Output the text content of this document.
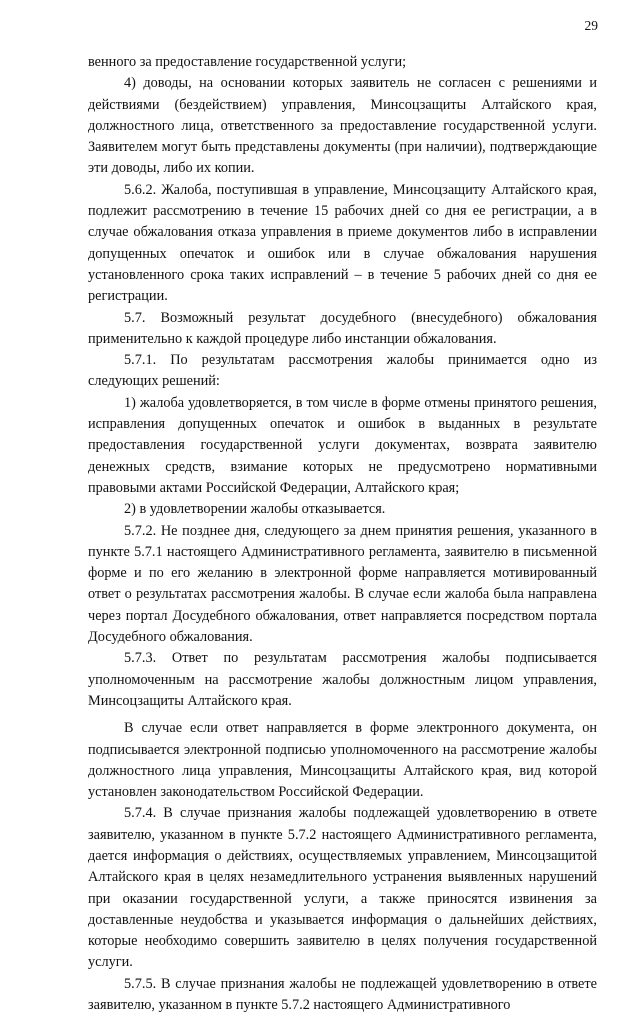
29

венного за предоставление государственной услуги;

4) доводы, на основании которых заявитель не согласен с решениями и действиями (бездействием) управления, Минсоцзащиты Алтайского края, должностного лица, ответственного за предоставление государственной услуги. Заявителем могут быть представлены документы (при наличии), подтверждающие эти доводы, либо их копии.

5.6.2. Жалоба, поступившая в управление, Минсоцзащиту Алтайского края, подлежит рассмотрению в течение 15 рабочих дней со дня ее регистрации, а в случае обжалования отказа управления в приеме документов либо в исправлении допущенных опечаток и ошибок или в случае обжалования нарушения установленного срока таких исправлений – в течение 5 рабочих дней со дня ее регистрации.

5.7. Возможный результат досудебного (внесудебного) обжалования применительно к каждой процедуре либо инстанции обжалования.

5.7.1. По результатам рассмотрения жалобы принимается одно из следующих решений:

1) жалоба удовлетворяется, в том числе в форме отмены принятого решения, исправления допущенных опечаток и ошибок в выданных в результате предоставления государственной услуги документах, возврата заявителю денежных средств, взимание которых не предусмотрено нормативными правовыми актами Российской Федерации, Алтайского края;

2) в удовлетворении жалобы отказывается.

5.7.2. Не позднее дня, следующего за днем принятия решения, указанного в пункте 5.7.1 настоящего Административного регламента, заявителю в письменной форме и по его желанию в электронной форме направляется мотивированный ответ о результатах рассмотрения жалобы. В случае если жалоба была направлена через портал Досудебного обжалования, ответ направляется посредством портала Досудебного обжалования.

5.7.3. Ответ по результатам рассмотрения жалобы подписывается уполномоченным на рассмотрение жалобы должностным лицом управления, Минсоцзащиты Алтайского края.

В случае если ответ направляется в форме электронного документа, он подписывается электронной подписью уполномоченного на рассмотрение жалобы должностного лица управления, Минсоцзащиты Алтайского края, вид которой установлен законодательством Российской Федерации.

5.7.4. В случае признания жалобы подлежащей удовлетворению в ответе заявителю, указанном в пункте 5.7.2 настоящего Административного регламента, дается информация о действиях, осуществляемых управлением, Минсоцзащитой Алтайского края в целях незамедлительного устранения выявленных нарушений при оказании государственной услуги, а также приносятся извинения за доставленные неудобства и указывается информация о дальнейших действиях, которые необходимо совершить заявителю в целях получения государственной услуги.

5.7.5. В случае признания жалобы не подлежащей удовлетворению в ответе заявителю, указанном в пункте 5.7.2 настоящего Административного
